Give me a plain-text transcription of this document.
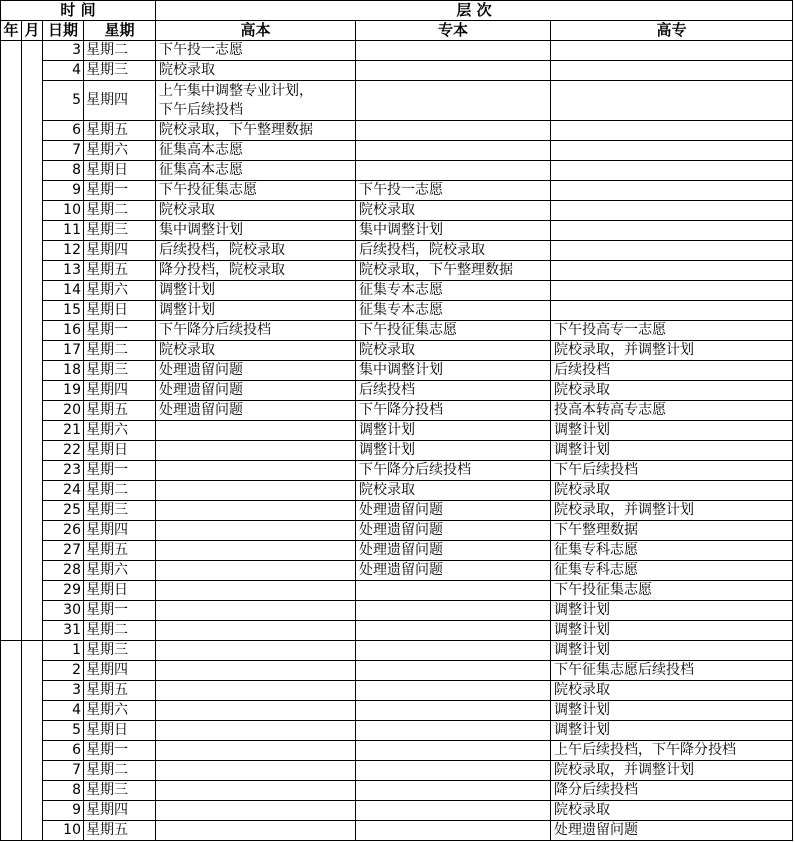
时 间				层 次		
年	月	日期	星期	高本	专本	高专
		3	星期二	下午投一志愿		
		4	星期三	院校录取		
		5	星期四	上午集中调整专业计划，
下午后续投档		
		6	星期五	院校录取，下午整理数据		
		7	星期六	征集高本志愿		
		8	星期日	征集高本志愿		
		9	星期一	下午投征集志愿	下午投一志愿	
		10	星期二	院校录取	院校录取	
		11	星期三	集中调整计划	集中调整计划	
		12	星期四	后续投档，院校录取	后续投档，院校录取	
		13	星期五	降分投档，院校录取	院校录取，下午整理数据	
		14	星期六	调整计划	征集专本志愿	
		15	星期日	调整计划	征集专本志愿	
		16	星期一	下午降分后续投档	下午投征集志愿	下午投高专一志愿
		17	星期二	院校录取	院校录取	院校录取，并调整计划
		18	星期三	处理遗留问题	集中调整计划	后续投档
		19	星期四	处理遗留问题	后续投档	院校录取
		20	星期五	处理遗留问题	下午降分投档	投高本转高专志愿
		21	星期六		调整计划	调整计划
		22	星期日		调整计划	调整计划
		23	星期一		下午降分后续投档	下午后续投档
		24	星期二		院校录取	院校录取
		25	星期三		处理遗留问题	院校录取，并调整计划
		26	星期四		处理遗留问题	下午整理数据
		27	星期五		处理遗留问题	征集专科志愿
		28	星期六		处理遗留问题	征集专科志愿
		29	星期日			下午投征集志愿
		30	星期一			调整计划
		31	星期二			调整计划
		1	星期三			调整计划
		2	星期四			下午征集志愿后续投档
		3	星期五			院校录取
		4	星期六			调整计划
		5	星期日			调整计划
		6	星期一			上午后续投档，下午降分投档
		7	星期二			院校录取，并调整计划
		8	星期三			降分后续投档
		9	星期四			院校录取
		10	星期五			处理遗留问题
